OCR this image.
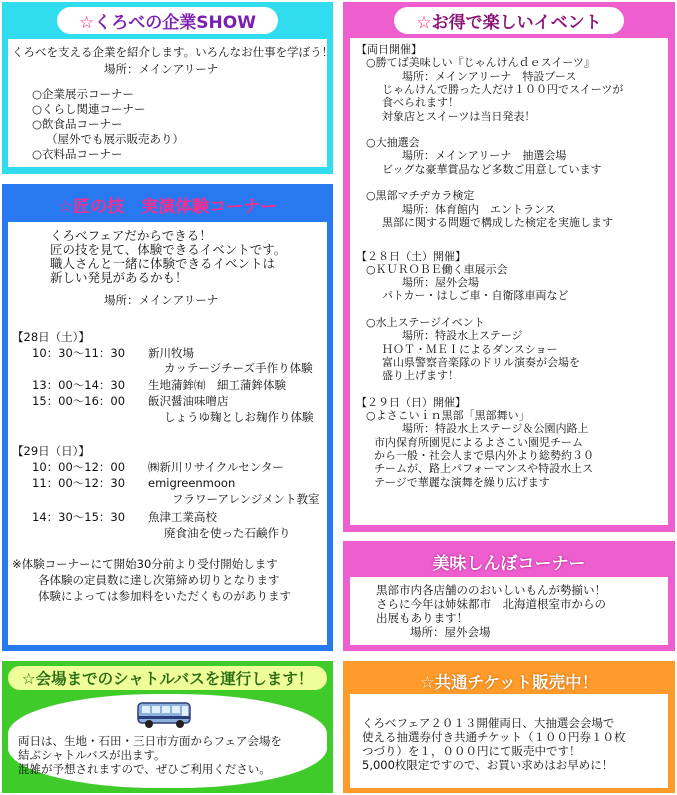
☆くろべの企業SHOW
くろべを支える企業を紹介します。いろんなお仕事を学ぼう！
場所：メインアリーナ
○企業展示コーナー
○くらし関連コーナー
○飲食品コーナー
（屋外でも展示販売あり）
○衣料品コーナー
☆匠の技　実演体験コーナー
くろべフェアだからできる！
匠の技を見て、体験できるイベントです。
職人さんと一緒に体験できるイベントは
新しい発見があるかも！
場所：メインアリーナ
【28日（土）】
10：30〜11：30 新川牧場
カッテージチーズ手作り体験
13：00〜14：30 生地蒲鉾㈲　細工蒲鉾体験
15：00〜16：00 飯沢醤油味噌店
しょうゆ麹としお麹作り体験
【29日（日）】
10：00〜12：00 ㈱新川リサイクルセンター
11：00〜12：30 emigreenmoon
フラワーアレンジメント教室
14：30〜15：30 魚津工業高校
廃食油を使った石鹸作り
※体験コーナーにて開始30分前より受付開始します
各体験の定員数に達し次第締め切りとなります
体験によっては参加料をいただくものがあります
☆お得で楽しいイベント
【両日開催】
○勝てば美味しい『じゃんけんｄｅスイーツ』
場所：メインアリーナ　特設ブース
じゃんけんで勝った人だけ１００円でスイーツが
食べられます！
対象店とスイーツは当日発表！
○大抽選会
場所：メインアリーナ　抽選会場
ビッグな豪華賞品など多数ご用意しています
○黒部マチヂカラ検定
場所：体育館内　エントランス
黒部に関する問題で構成した検定を実施します
【２８日（土）開催】
○ＫＵＲＯＢＥ働く車展示会
場所：屋外会場
パトカー・はしご車・自衛隊車両など
○水上ステージイベント
場所：特設水上ステージ
ＨＯＴ・ＭＥＩによるダンスショー
富山県警察音楽隊のドリル演奏が会場を
盛り上げます！
【２９日（日）開催】
○よさこいｉｎ黒部「黒部舞い」
場所：特設水上ステージ＆公園内路上
市内保育所園児によるよさこい園児チーム
から一般・社会人まで県内外より総勢約３０
チームが、路上パフォーマンスや特設水上ス
テージで華麗な演舞を繰り広げます
美味しんぼコーナー
黒部市内各店舗ののおいしいもんが勢揃い！
さらに今年は姉妹都市　北海道根室市からの
出展もあります！
場所：屋外会場
☆会場までのシャトルバスを運行します！
両日は、生地・石田・三日市方面からフェア会場を
結ぶシャトルバスが出ます。
混雑が予想されますので、ぜひご利用ください。
☆共通チケット販売中！
くろべフェア２０１３開催両日、大抽選会会場で
使える抽選券付き共通チケット（１００円券１０枚
つづり）を１，０００円にて販売中です！
5,000枚限定ですので、お買い求めはお早めに！
